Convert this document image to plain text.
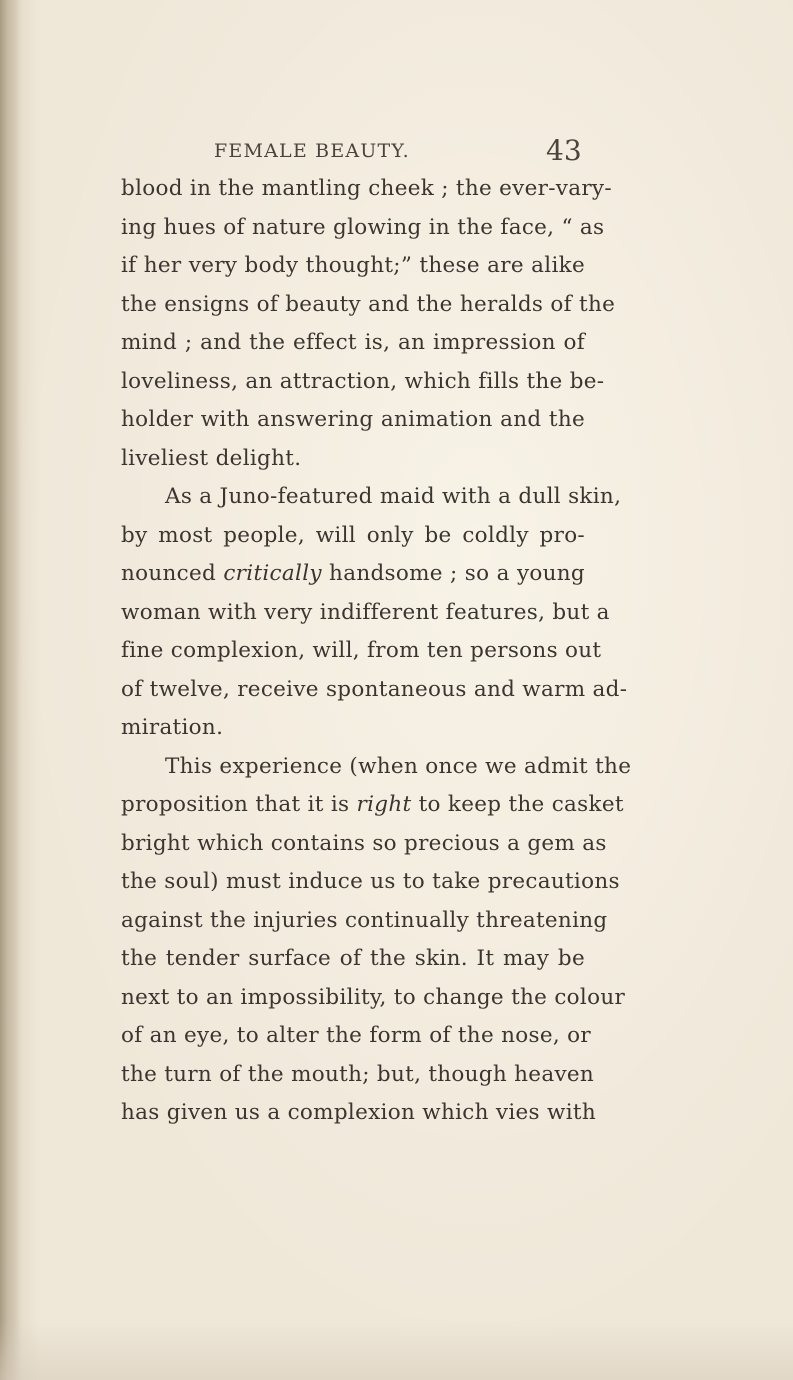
FEMALE BEAUTY.	43
blood in the mantling cheek ; the ever-vary-
ing hues of nature glowing in the face, “ as
if her very body thought;” these are alike
the ensigns of beauty and the heralds of the
mind ; and the effect is, an impression of
loveliness, an attraction, which fills the be-
holder with answering animation and the
liveliest delight.
As a Juno-featured maid with a dull skin,
by most people, will only be coldly pro-
nounced critically handsome ; so a young
woman with very indifferent features, but a
fine complexion, will, from ten persons out
of twelve, receive spontaneous and warm ad-
miration.
This experience (when once we admit the
proposition that it is right to keep the casket
bright which contains so precious a gem as
the soul) must induce us to take precautions
against the injuries continually threatening
the tender surface of the skin. It may be
next to an impossibility, to change the colour
of an eye, to alter the form of the nose, or
the turn of the mouth; but, though heaven
has given us a complexion which vies with
